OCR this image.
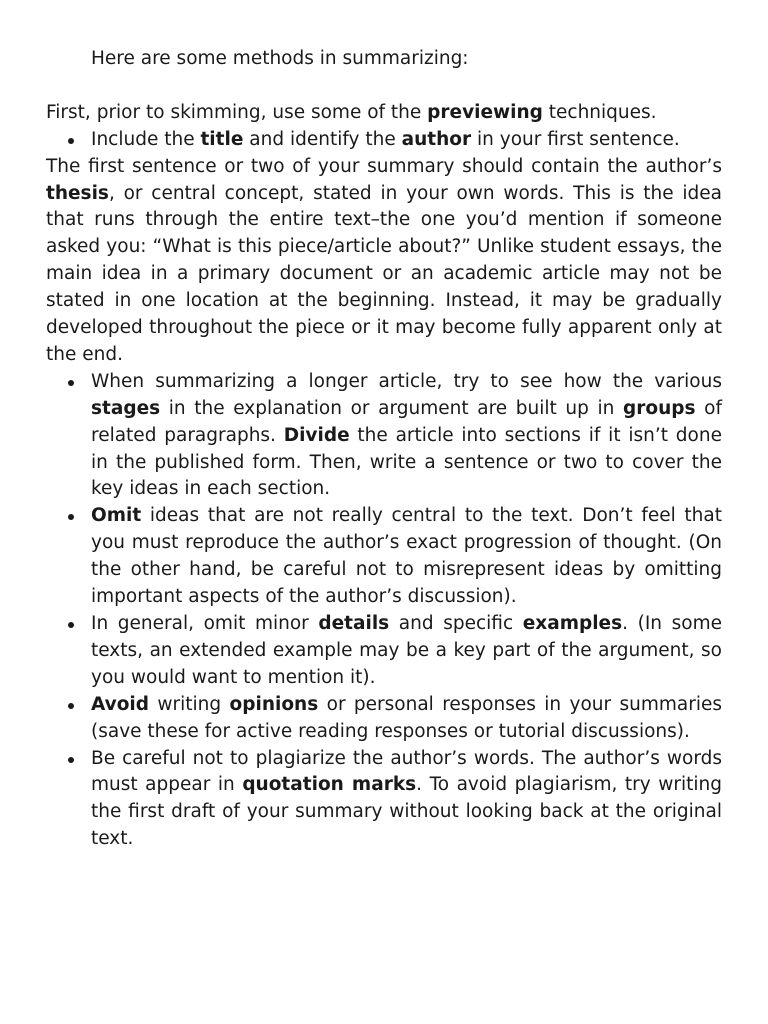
Here are some methods in summarizing:

First, prior to skimming, use some of the previewing techniques.

Include the title and identify the author in your first sentence.

The first sentence or two of your summary should contain the author’s thesis, or central concept, stated in your own words. This is the idea that runs through the entire text–the one you’d mention if someone asked you: “What is this piece/article about?” Unlike student essays, the main idea in a primary document or an academic article may not be stated in one location at the beginning. Instead, it may be gradually developed throughout the piece or it may become fully apparent only at the end.

When summarizing a longer article, try to see how the various stages in the explanation or argument are built up in groups of related paragraphs. Divide the article into sections if it isn’t done in the published form. Then, write a sentence or two to cover the key ideas in each section.
Omit ideas that are not really central to the text. Don’t feel that you must reproduce the author’s exact progression of thought. (On the other hand, be careful not to misrepresent ideas by omitting important aspects of the author’s discussion).
In general, omit minor details and specific examples. (In some texts, an extended example may be a key part of the argument, so you would want to mention it).
Avoid writing opinions or personal responses in your summaries (save these for active reading responses or tutorial discussions).
Be careful not to plagiarize the author’s words. The author’s words must appear in quotation marks. To avoid plagiarism, try writing the first draft of your summary without looking back at the original text.
